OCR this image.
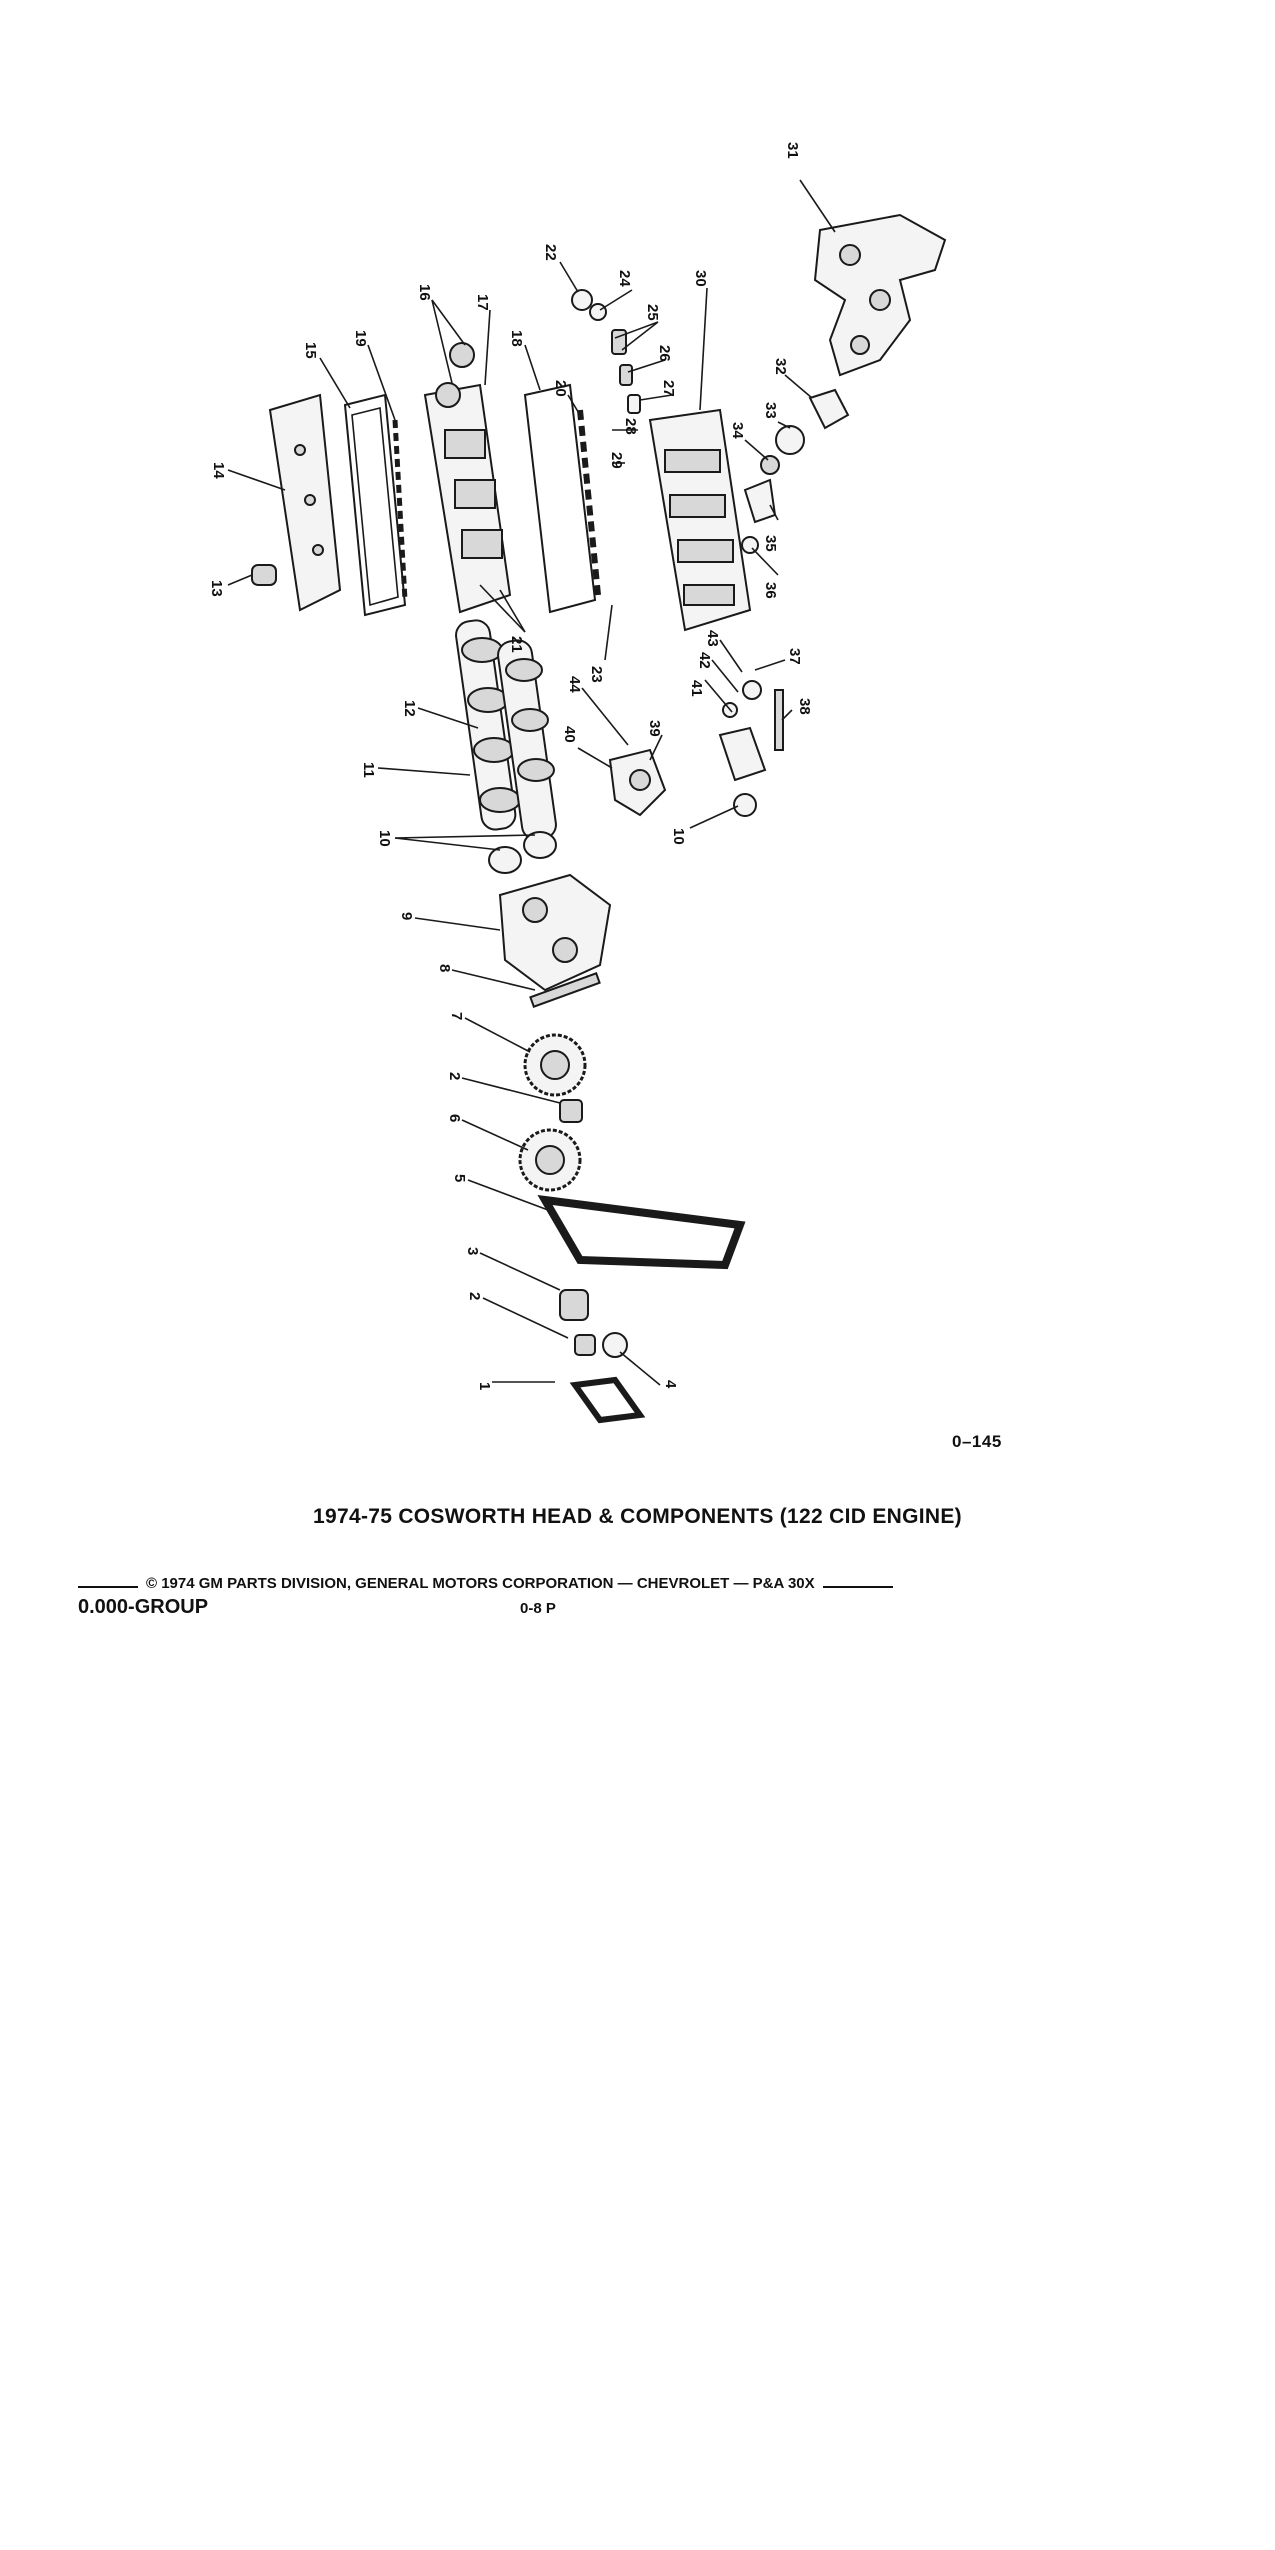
1
2
3
4
5
6
2
7
8
9
10
11
12
13
14
15
19
16
17
18
20
21
22
24
25
26
27
28
29
23
30
31
32
33
34
35
36
37
38
39
40
41
42
43
44
10
0–145
1974-75 COSWORTH HEAD & COMPONENTS (122 CID ENGINE)
© 1974 GM PARTS DIVISION, GENERAL MOTORS CORPORATION — CHEVROLET — P&A 30X
0.000-GROUP	0-8 P
